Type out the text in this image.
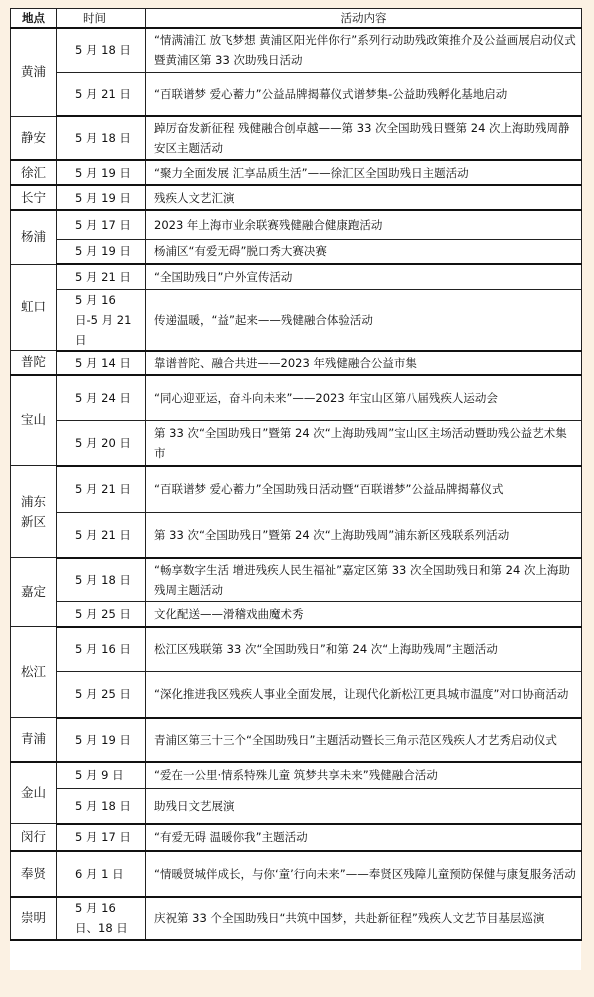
地点	时间	活动内容
黄浦	5 月 18 日	“情满浦江 放飞梦想 黄浦区阳光伴你行”系列行动助残政策推介及公益画展启动仪式暨黄浦区第 33 次助残日活动
	5 月 21 日	“百联谱梦 爱心蓄力”公益品牌揭幕仪式谱梦集-公益助残孵化基地启动
静安	5 月 18 日	踔厉奋发新征程 残健融合创卓越——第 33 次全国助残日暨第 24 次上海助残周静安区主题活动
徐汇	5 月 19 日	“聚力全面发展 汇享品质生活”——徐汇区全国助残日主题活动
长宁	5 月 19 日	残疾人文艺汇演
杨浦	5 月 17 日	2023 年上海市业余联赛残健融合健康跑活动
	5 月 19 日	杨浦区“有爱无碍”脱口秀大赛决赛
虹口	5 月 21 日	“全国助残日”户外宣传活动
	5 月 16 日-5 月 21 日	传递温暖，“益”起来——残健融合体验活动
普陀	5 月 14 日	靠谱普陀、融合共进——2023 年残健融合公益市集
宝山	5 月 24 日	“同心迎亚运，奋斗向未来”——2023 年宝山区第八届残疾人运动会
	5 月 20 日	第 33 次“全国助残日”暨第 24 次“上海助残周”宝山区主场活动暨助残公益艺术集市
浦东新区	5 月 21 日	“百联谱梦 爱心蓄力”全国助残日活动暨“百联谱梦”公益品牌揭幕仪式
	5 月 21 日	第 33 次“全国助残日”暨第 24 次“上海助残周”浦东新区残联系列活动
嘉定	5 月 18 日	“畅享数字生活 增进残疾人民生福祉”嘉定区第 33 次全国助残日和第 24 次上海助残周主题活动
	5 月 25 日	文化配送——滑稽戏曲魔术秀
松江	5 月 16 日	松江区残联第 33 次“全国助残日”和第 24 次“上海助残周”主题活动
	5 月 25 日	“深化推进我区残疾人事业全面发展，让现代化新松江更具城市温度”对口协商活动
青浦	5 月 19 日	青浦区第三十三个“全国助残日”主题活动暨长三角示范区残疾人才艺秀启动仪式
金山	5 月 9 日	“爱在一公里·情系特殊儿童 筑梦共享未来”残健融合活动
	5 月 18 日	助残日文艺展演
闵行	5 月 17 日	“有爱无碍 温暖你我”主题活动
奉贤	6 月 1 日	“情暖贤城伴成长，与你‘童’行向未来”——奉贤区残障儿童预防保健与康复服务活动
崇明	5 月 16 日、18 日	庆祝第 33 个全国助残日“共筑中国梦，共赴新征程”残疾人文艺节目基层巡演
